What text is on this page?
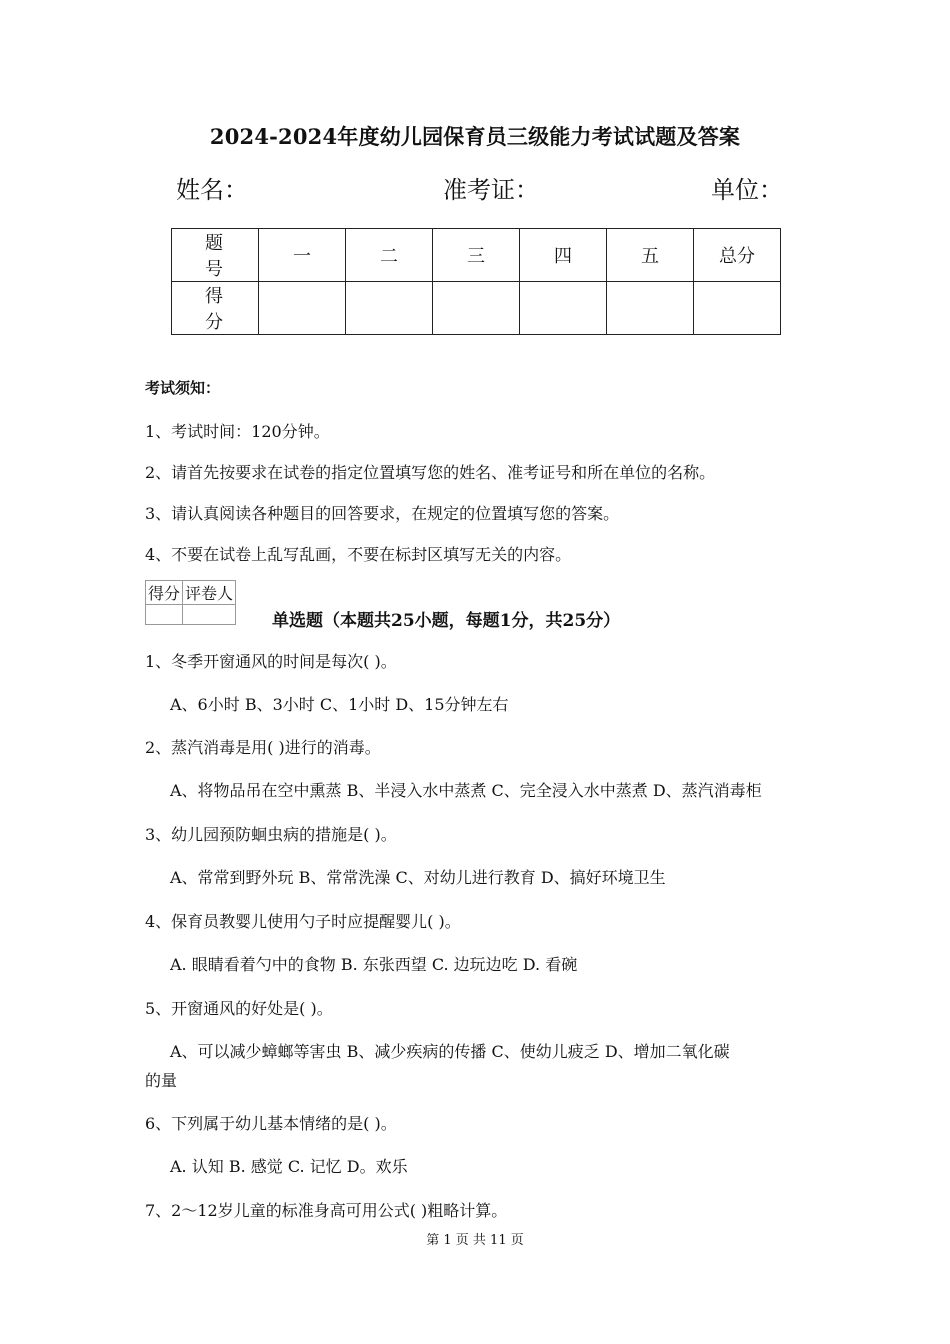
2024-2024年度幼儿园保育员三级能力考试试题及答案
姓名：	准考证：	单位：
题 号	一	二	三	四	五	总分
得 分						
考试须知：
1、考试时间：120分钟。
2、请首先按要求在试卷的指定位置填写您的姓名、准考证号和所在单位的名称。
3、请认真阅读各种题目的回答要求，在规定的位置填写您的答案。
4、不要在试卷上乱写乱画，不要在标封区填写无关的内容。
得分	评卷人

单选题（本题共25小题，每题1分，共25分）
1、冬季开窗通风的时间是每次( )。
A、6小时 B、3小时 C、1小时 D、15分钟左右
2、蒸汽消毒是用( )进行的消毒。
A、将物品吊在空中熏蒸 B、半浸入水中蒸煮 C、完全浸入水中蒸煮 D、蒸汽消毒柜
3、幼儿园预防蛔虫病的措施是( )。
A、常常到野外玩 B、常常洗澡 C、对幼儿进行教育 D、搞好环境卫生
4、保育员教婴儿使用勺子时应提醒婴儿( )。
A. 眼睛看着勺中的食物 B. 东张西望 C. 边玩边吃 D. 看碗
5、开窗通风的好处是( )。
A、可以减少蟑螂等害虫 B、减少疾病的传播 C、使幼儿疲乏 D、增加二氧化碳
的量
6、下列属于幼儿基本情绪的是( )。
A. 认知 B. 感觉 C. 记忆 D。欢乐
7、2～12岁儿童的标准身高可用公式( )粗略计算。
第 1 页 共 11 页
